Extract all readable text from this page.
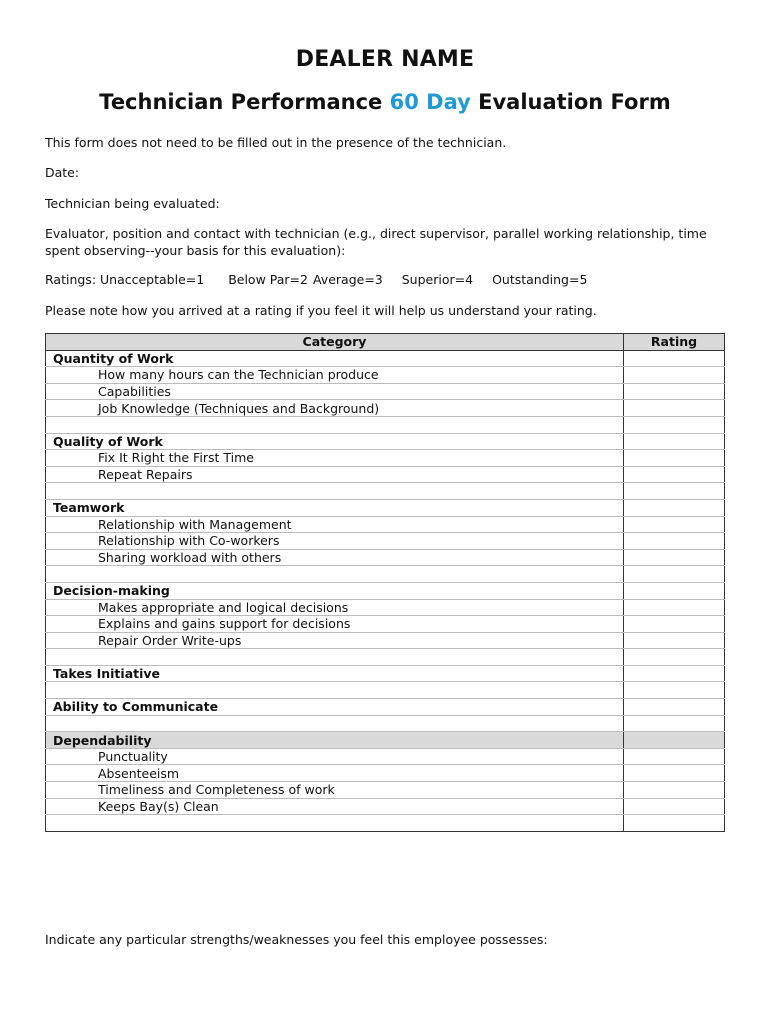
DEALER NAME
Technician Performance 60 Day Evaluation Form
This form does not need to be filled out in the presence of the technician.
Date:
Technician being evaluated:
Evaluator, position and contact with technician (e.g., direct supervisor, parallel working relationship, time spent observing--your basis for this evaluation):
Ratings: Unacceptable=1 Below Par=2 Average=3 Superior=4 Outstanding=5
Please note how you arrived at a rating if you feel it will help us understand your rating.
Category	Rating
Quantity of Work	
How many hours can the Technician produce	
Capabilities	
Job Knowledge (Techniques and Background)	

Quality of Work	
Fix It Right the First Time	
Repeat Repairs	

Teamwork	
Relationship with Management	
Relationship with Co-workers	
Sharing workload with others	

Decision-making	
Makes appropriate and logical decisions	
Explains and gains support for decisions	
Repair Order Write-ups	

Takes Initiative	

Ability to Communicate	

Dependability	
Punctuality	
Absenteeism	
Timeliness and Completeness of work	
Keeps Bay(s) Clean	

Indicate any particular strengths/weaknesses you feel this employee possesses:
